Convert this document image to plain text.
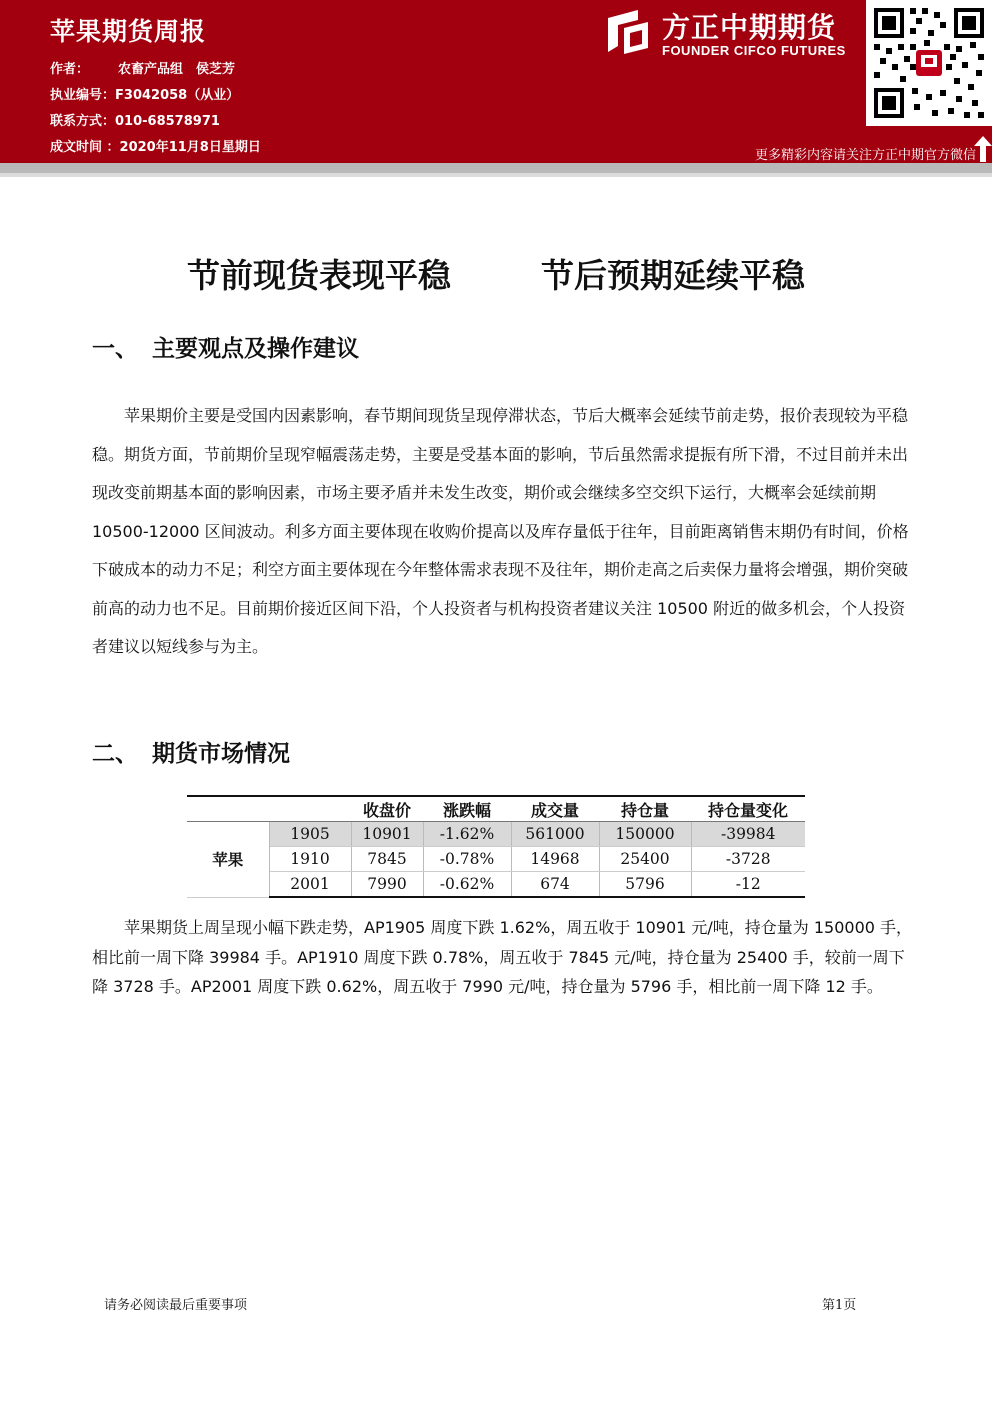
苹果期货周报
作者： 农畜产品组　侯芝芳
执业编号：F3042058（从业）
联系方式：010-68578971
成文时间 ：2020年11月8日星期日
方正中期期货
FOUNDER CIFCO FUTURES
更多精彩内容请关注方正中期官方微信
节前现货表现平稳	节后预期延续平稳
一、 主要观点及操作建议

苹果期价主要是受国内因素影响，春节期间现货呈现停滞状态，节后大概率会延续节前走势，报价表现较为平稳稳。期货方面，节前期价呈现窄幅震荡走势，主要是受基本面的影响，节后虽然需求提振有所下滑，不过目前并未出现改变前期基本面的影响因素，市场主要矛盾并未发生改变，期价或会继续多空交织下运行，大概率会延续前期 10500-12000 区间波动。利多方面主要体现在收购价提高以及库存量低于往年，目前距离销售末期仍有时间，价格下破成本的动力不足；利空方面主要体现在今年整体需求表现不及往年，期价走高之后卖保力量将会增强，期价突破前高的动力也不足。目前期价接近区间下沿，个人投资者与机构投资者建议关注 10500 附近的做多机会，个人投资者建议以短线参与为主。

二、 期货市场情况
		收盘价	涨跌幅	成交量	持仓量	持仓量变化
苹果	1905	10901	-1.62%	561000	150000	-39984
	1910	7845	-0.78%	14968	25400	-3728
	2001	7990	-0.62%	674	5796	-12

苹果期货上周呈现小幅下跌走势，AP1905 周度下跌 1.62%，周五收于 10901 元/吨，持仓量为 150000 手，相比前一周下降 39984 手。AP1910 周度下跌 0.78%，周五收于 7845 元/吨，持仓量为 25400 手，较前一周下降 3728 手。AP2001 周度下跌 0.62%，周五收于 7990 元/吨，持仓量为 5796 手，相比前一周下降 12 手。

请务必阅读最后重要事项	第1页
